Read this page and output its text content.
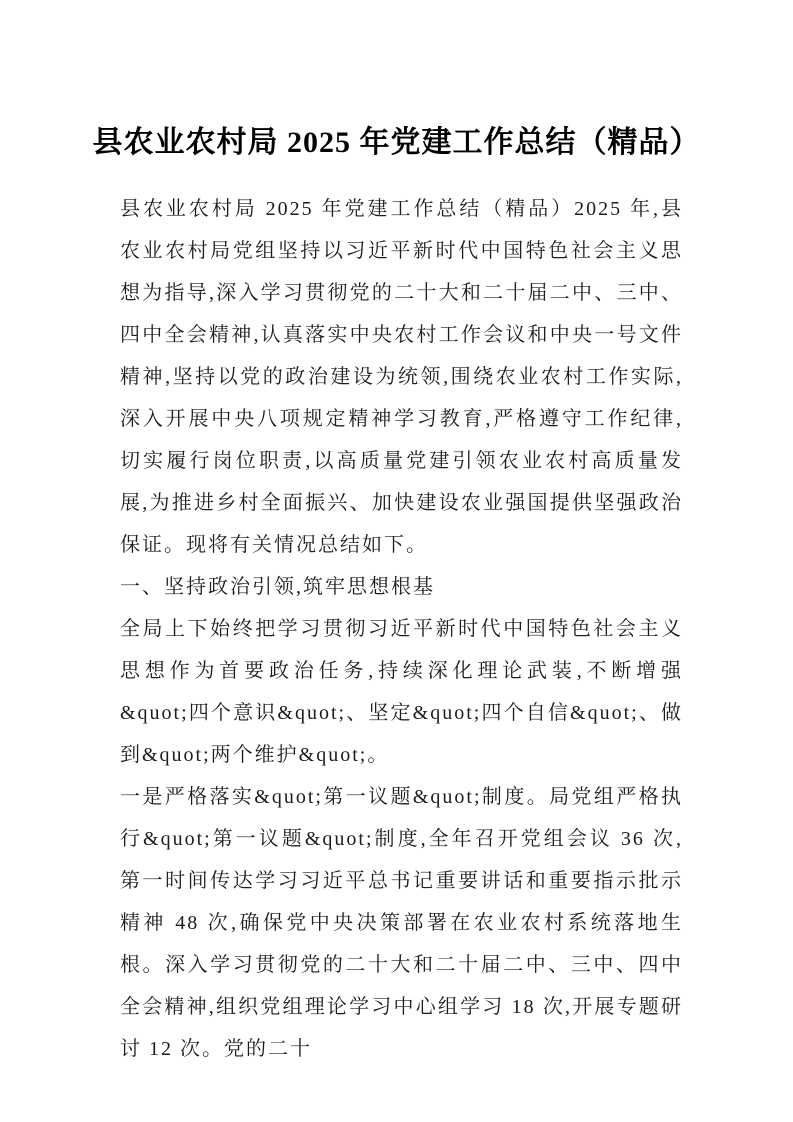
县农业农村局 2025 年党建工作总结（精品）

县农业农村局 2025 年党建工作总结（精品）2025 年,县农业农村局党组坚持以习近平新时代中国特色社会主义思想为指导,深入学习贯彻党的二十大和二十届二中、三中、四中全会精神,认真落实中央农村工作会议和中央一号文件精神,坚持以党的政治建设为统领,围绕农业农村工作实际,深入开展中央八项规定精神学习教育,严格遵守工作纪律,切实履行岗位职责,以高质量党建引领农业农村高质量发展,为推进乡村全面振兴、加快建设农业强国提供坚强政治保证。现将有关情况总结如下。

一、坚持政治引领,筑牢思想根基

全局上下始终把学习贯彻习近平新时代中国特色社会主义思想作为首要政治任务,持续深化理论武装,不断增强&quot;四个意识&quot;、坚定&quot;四个自信&quot;、做到&quot;两个维护&quot;。

一是严格落实&quot;第一议题&quot;制度。局党组严格执行&quot;第一议题&quot;制度,全年召开党组会议 36 次,第一时间传达学习习近平总书记重要讲话和重要指示批示精神 48 次,确保党中央决策部署在农业农村系统落地生根。深入学习贯彻党的二十大和二十届二中、三中、四中全会精神,组织党组理论学习中心组学习 18 次,开展专题研讨 12 次。党的二十
